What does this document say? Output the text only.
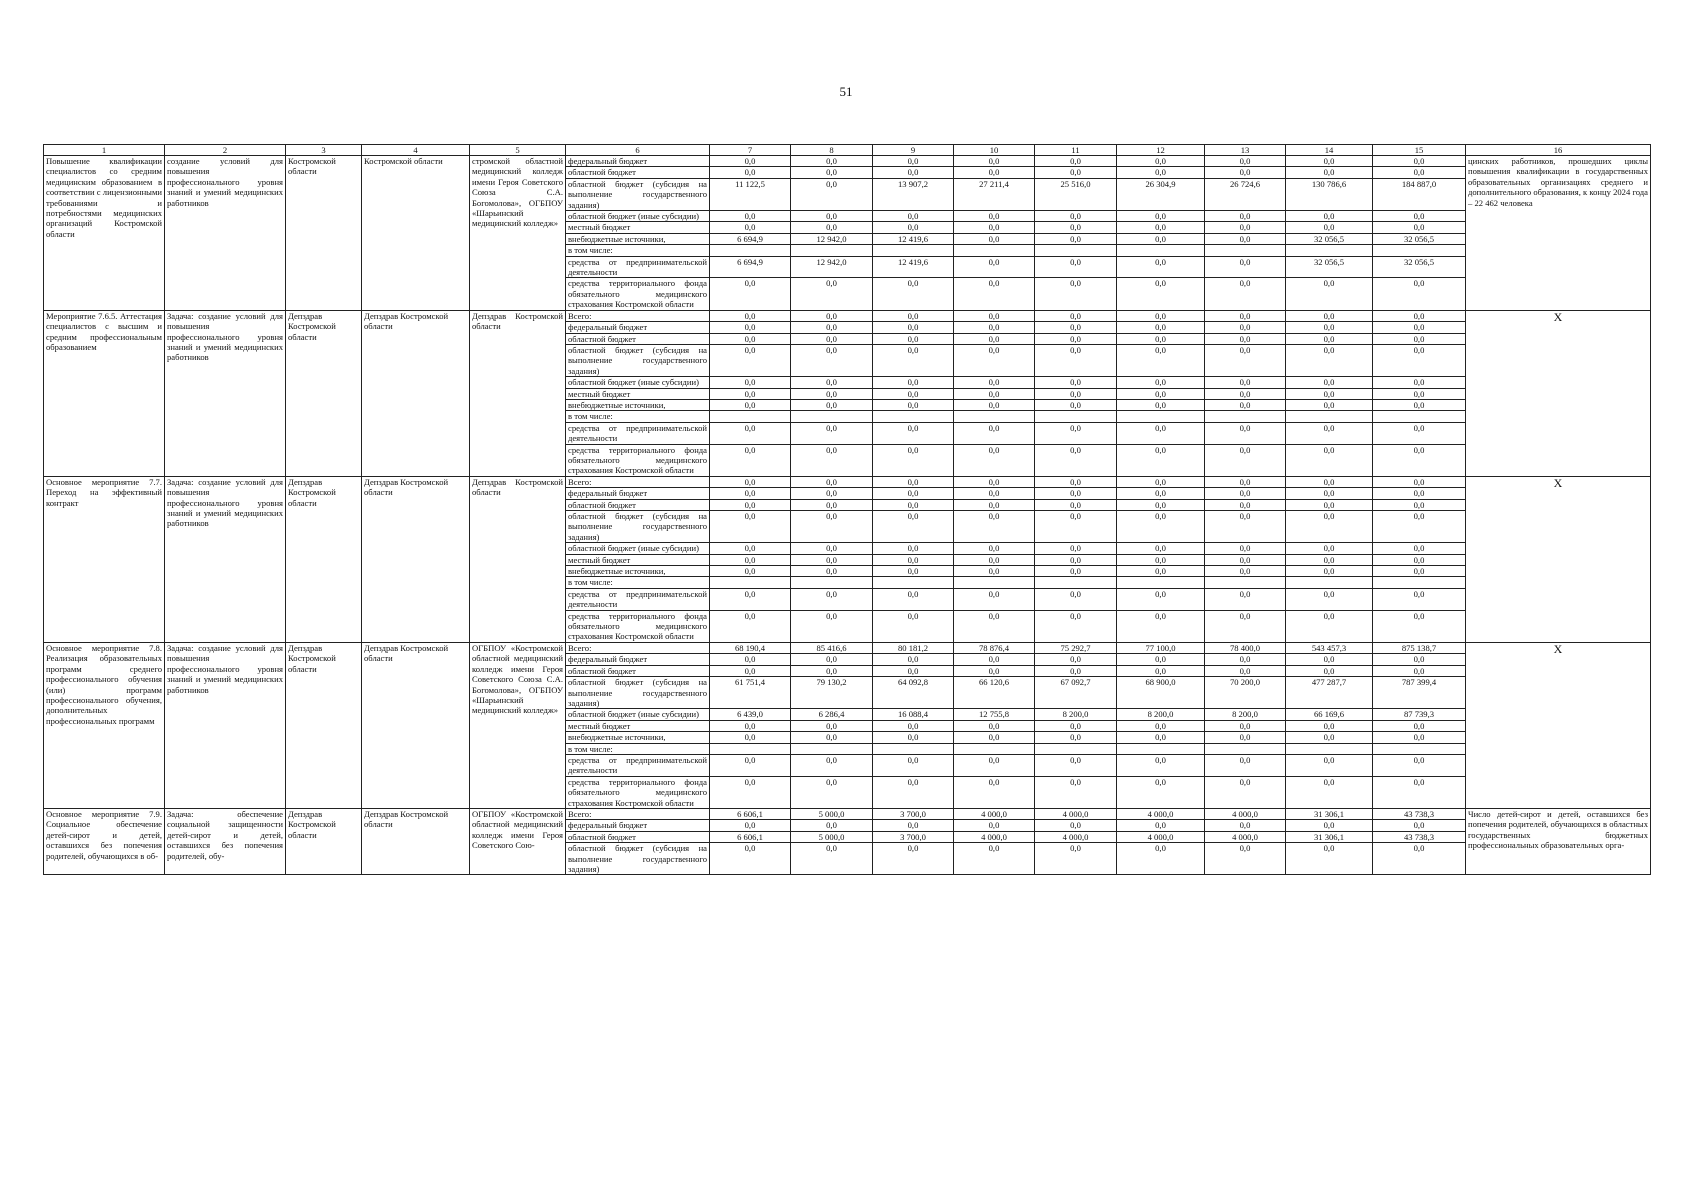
51
1	2	3	4	5	6	7	8	9	10	11	12	13	14	15	16
Повышение квалификации специалистов со средним медицинским образованием в соответствии с лицензионными требованиями и потребностями медицинских организаций Костромской области	создание условий для повышения профессионального уровня знаний и умений медицинских работников	Костромской области	Костромской области	стромской областной медицинский колледж имени Героя Советского Союза С.А. Богомолова», ОГБПОУ «Шарьинский медицинский колледж»	федеральный бюджет	0,0	0,0	0,0	0,0	0,0	0,0	0,0	0,0	0,0	цинских работников, прошедших циклы повышения квалификации в государственных образовательных организациях среднего и дополнительного образования, к концу 2024 года – 22 462 человека
					областной бюджет	0,0	0,0	0,0	0,0	0,0	0,0	0,0	0,0	0,0	
					областной бюджет (субсидия на выполнение государственного задания)	11 122,5	0,0	13 907,2	27 211,4	25 516,0	26 304,9	26 724,6	130 786,6	184 887,0	
					областной бюджет (иные субсидии)	0,0	0,0	0,0	0,0	0,0	0,0	0,0	0,0	0,0	
					местный бюджет	0,0	0,0	0,0	0,0	0,0	0,0	0,0	0,0	0,0	
					внебюджетные источники,	6 694,9	12 942,0	12 419,6	0,0	0,0	0,0	0,0	32 056,5	32 056,5	
					в том числе:										
					средства от предпринимательской деятельности	6 694,9	12 942,0	12 419,6	0,0	0,0	0,0	0,0	32 056,5	32 056,5	
					средства территориального фонда обязательного медицинского страхования Костромской области	0,0	0,0	0,0	0,0	0,0	0,0	0,0	0,0	0,0	
Мероприятие 7.6.5. Аттестация специалистов с высшим и средним профессиональным образованием	Задача: создание условий для повышения профессионального уровня знаний и умений медицинских работников	Депздрав Костромской области	Депздрав Костромской области	Депздрав Костромской области	Всего:	0,0	0,0	0,0	0,0	0,0	0,0	0,0	0,0	0,0	X
					федеральный бюджет	0,0	0,0	0,0	0,0	0,0	0,0	0,0	0,0	0,0	
					областной бюджет	0,0	0,0	0,0	0,0	0,0	0,0	0,0	0,0	0,0	
					областной бюджет (субсидия на выполнение государственного задания)	0,0	0,0	0,0	0,0	0,0	0,0	0,0	0,0	0,0	
					областной бюджет (иные субсидии)	0,0	0,0	0,0	0,0	0,0	0,0	0,0	0,0	0,0	
					местный бюджет	0,0	0,0	0,0	0,0	0,0	0,0	0,0	0,0	0,0	
					внебюджетные источники,	0,0	0,0	0,0	0,0	0,0	0,0	0,0	0,0	0,0	
					в том числе:										
					средства от предпринимательской деятельности	0,0	0,0	0,0	0,0	0,0	0,0	0,0	0,0	0,0	
					средства территориального фонда обязательного медицинского страхования Костромской области	0,0	0,0	0,0	0,0	0,0	0,0	0,0	0,0	0,0	
Основное мероприятие 7.7. Переход на эффективный контракт	Задача: создание условий для повышения профессионального уровня знаний и умений медицинских работников	Депздрав Костромской области	Депздрав Костромской области	Депздрав Костромской области	Всего:	0,0	0,0	0,0	0,0	0,0	0,0	0,0	0,0	0,0	X
					федеральный бюджет	0,0	0,0	0,0	0,0	0,0	0,0	0,0	0,0	0,0	
					областной бюджет	0,0	0,0	0,0	0,0	0,0	0,0	0,0	0,0	0,0	
					областной бюджет (субсидия на выполнение государственного задания)	0,0	0,0	0,0	0,0	0,0	0,0	0,0	0,0	0,0	
					областной бюджет (иные субсидии)	0,0	0,0	0,0	0,0	0,0	0,0	0,0	0,0	0,0	
					местный бюджет	0,0	0,0	0,0	0,0	0,0	0,0	0,0	0,0	0,0	
					внебюджетные источники,	0,0	0,0	0,0	0,0	0,0	0,0	0,0	0,0	0,0	
					в том числе:										
					средства от предпринимательской деятельности	0,0	0,0	0,0	0,0	0,0	0,0	0,0	0,0	0,0	
					средства территориального фонда обязательного медицинского страхования Костромской области	0,0	0,0	0,0	0,0	0,0	0,0	0,0	0,0	0,0	
Основное мероприятие 7.8. Реализация образовательных программ среднего профессионального обучения (или) программ профессионального обучения, дополнительных профессиональных программ	Задача: создание условий для повышения профессионального уровня знаний и умений медицинских работников	Депздрав Костромской области	Депздрав Костромской области	ОГБПОУ «Костромской областной медицинский колледж имени Героя Советского Союза С.А. Богомолова», ОГБПОУ «Шарьинский медицинский колледж»	Всего:	68 190,4	85 416,6	80 181,2	78 876,4	75 292,7	77 100,0	78 400,0	543 457,3	875 138,7	X
					федеральный бюджет	0,0	0,0	0,0	0,0	0,0	0,0	0,0	0,0	0,0	
					областной бюджет	0,0	0,0	0,0	0,0	0,0	0,0	0,0	0,0	0,0	
					областной бюджет (субсидия на выполнение государственного задания)	61 751,4	79 130,2	64 092,8	66 120,6	67 092,7	68 900,0	70 200,0	477 287,7	787 399,4	
					областной бюджет (иные субсидии)	6 439,0	6 286,4	16 088,4	12 755,8	8 200,0	8 200,0	8 200,0	66 169,6	87 739,3	
					местный бюджет	0,0	0,0	0,0	0,0	0,0	0,0	0,0	0,0	0,0	
					внебюджетные источники,	0,0	0,0	0,0	0,0	0,0	0,0	0,0	0,0	0,0	
					в том числе:										
					средства от предпринимательской деятельности	0,0	0,0	0,0	0,0	0,0	0,0	0,0	0,0	0,0	
					средства территориального фонда обязательного медицинского страхования Костромской области	0,0	0,0	0,0	0,0	0,0	0,0	0,0	0,0	0,0	
Основное мероприятие 7.9. Социальное обеспечение детей-сирот и детей, оставшихся без попечения родителей, обучающихся в об-	Задача: обеспечение социальной защищенности детей-сирот и детей, оставшихся без попечения родителей, обу-	Депздрав Костромской области	Депздрав Костромской области	ОГБПОУ «Костромской областной медицинский колледж имени Героя Советского Сою-	Всего:	6 606,1	5 000,0	3 700,0	4 000,0	4 000,0	4 000,0	4 000,0	31 306,1	43 738,3	Число детей-сирот и детей, оставшихся без попечения родителей, обучающихся в областных государственных бюджетных профессиональных образовательных орга-
					федеральный бюджет	0,0	0,0	0,0	0,0	0,0	0,0	0,0	0,0	0,0	
					областной бюджет	6 606,1	5 000,0	3 700,0	4 000,0	4 000,0	4 000,0	4 000,0	31 306,1	43 738,3	
					областной бюджет (субсидия на выполнение государственного задания)	0,0	0,0	0,0	0,0	0,0	0,0	0,0	0,0	0,0	
